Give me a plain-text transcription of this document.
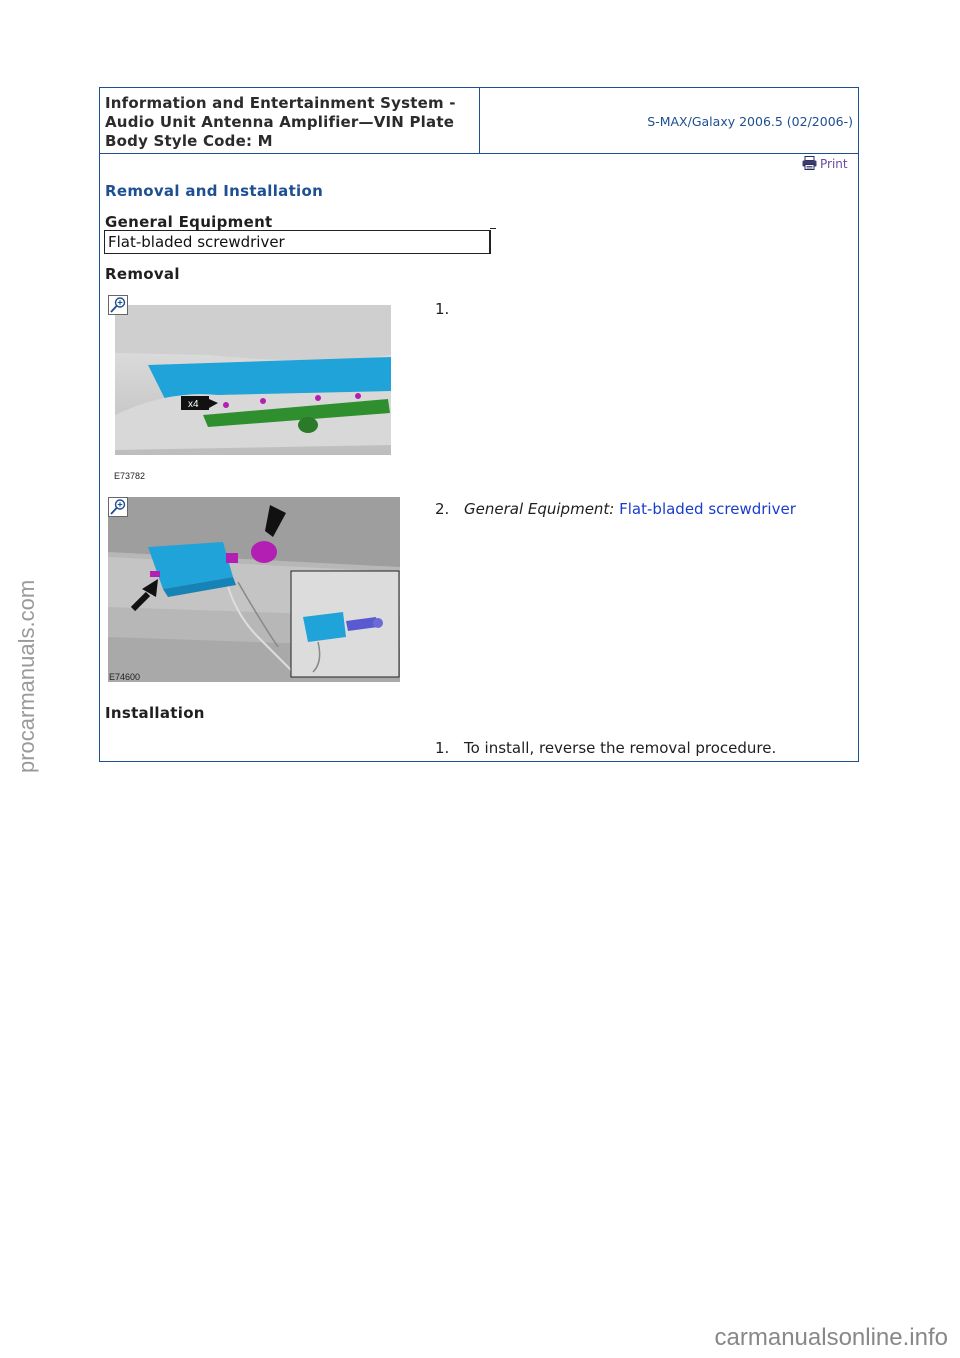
Information and Entertainment System -
Audio Unit Antenna Amplifier—VIN Plate
Body Style Code: M
S-MAX/Galaxy 2006.5 (02/2006-)
Print
Removal and Installation
General Equipment
Flat-bladed screwdriver
Removal
x4
E73782
1.
E74600
2. General Equipment: Flat-bladed screwdriver
Installation
1. To install, reverse the removal procedure.
procarmanuals.com
carmanualsonline.info
